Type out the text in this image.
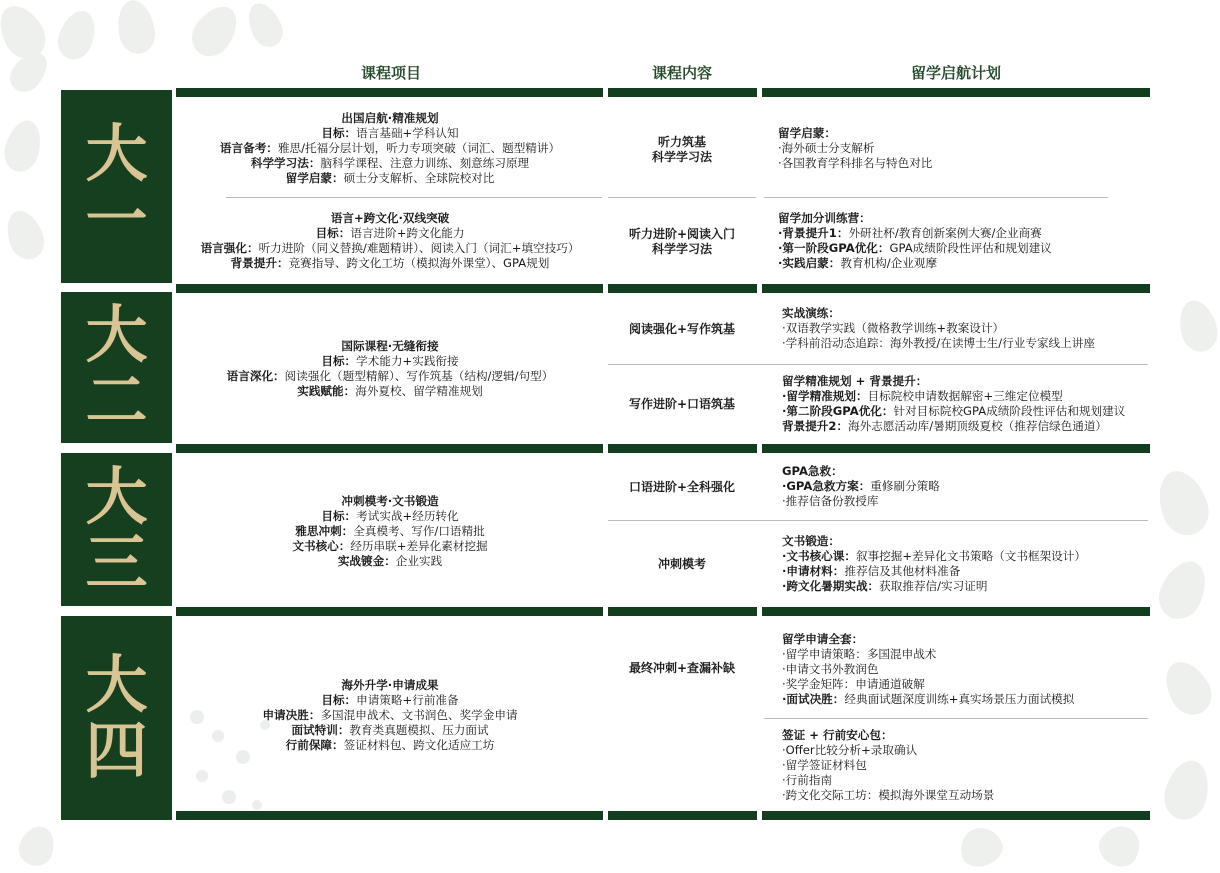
课程项目	课程内容	留学启航计划
大
一
大
二
大
三
大
四
出国启航·精准规划
目标：语言基础+学科认知
语言备考：雅思/托福分层计划，听力专项突破（词汇、题型精讲）
科学学习法：脑科学课程、注意力训练、刻意练习原理
留学启蒙：硕士分支解析、全球院校对比
语言+跨文化·双线突破
目标：语言进阶+跨文化能力
语言强化：听力进阶（同义替换/难题精讲）、阅读入门（词汇+填空技巧）
背景提升：竞赛指导、跨文化工坊（模拟海外课堂）、GPA规划
听力筑基
科学学习法
听力进阶+阅读入门
科学学习法
留学启蒙：
·海外硕士分支解析
·各国教育学科排名与特色对比
留学加分训练营：
·背景提升1：外研社杯/教育创新案例大赛/企业商赛
·第一阶段GPA优化：GPA成绩阶段性评估和规划建议
·实践启蒙：教育机构/企业观摩
国际课程·无缝衔接
目标：学术能力+实践衔接
语言深化：阅读强化（题型精解）、写作筑基（结构/逻辑/句型）
实践赋能：海外夏校、留学精准规划
阅读强化+写作筑基
写作进阶+口语筑基
实战演练：
·双语教学实践（微格教学训练+教案设计）
·学科前沿动态追踪：海外教授/在读博士生/行业专家线上讲座
留学精准规划 + 背景提升：
·留学精准规划：目标院校申请数据解密+三维定位模型
·第二阶段GPA优化：针对目标院校GPA成绩阶段性评估和规划建议
背景提升2：海外志愿活动库/暑期顶级夏校（推荐信绿色通道）
冲刺模考·文书锻造
目标：考试实战+经历转化
雅思冲刺：全真模考、写作/口语精批
文书核心：经历串联+差异化素材挖掘
实战镀金：企业实践
口语进阶+全科强化
冲刺模考
GPA急救：
·GPA急救方案：重修刷分策略
·推荐信备份教授库
文书锻造：
·文书核心课：叙事挖掘+差异化文书策略（文书框架设计）
·申请材料：推荐信及其他材料准备
·跨文化暑期实战：获取推荐信/实习证明
海外升学·申请成果
目标：申请策略+行前准备
申请决胜：多国混申战术、文书润色、奖学金申请
面试特训：教育类真题模拟、压力面试
行前保障：签证材料包、跨文化适应工坊
最终冲刺+查漏补缺
留学申请全套：
·留学申请策略：多国混申战术
·申请文书外教润色
·奖学金矩阵：申请通道破解
·面试决胜：经典面试题深度训练+真实场景压力面试模拟
签证 + 行前安心包：
·Offer比较分析+录取确认
·留学签证材料包
·行前指南
·跨文化交际工坊：模拟海外课堂互动场景
